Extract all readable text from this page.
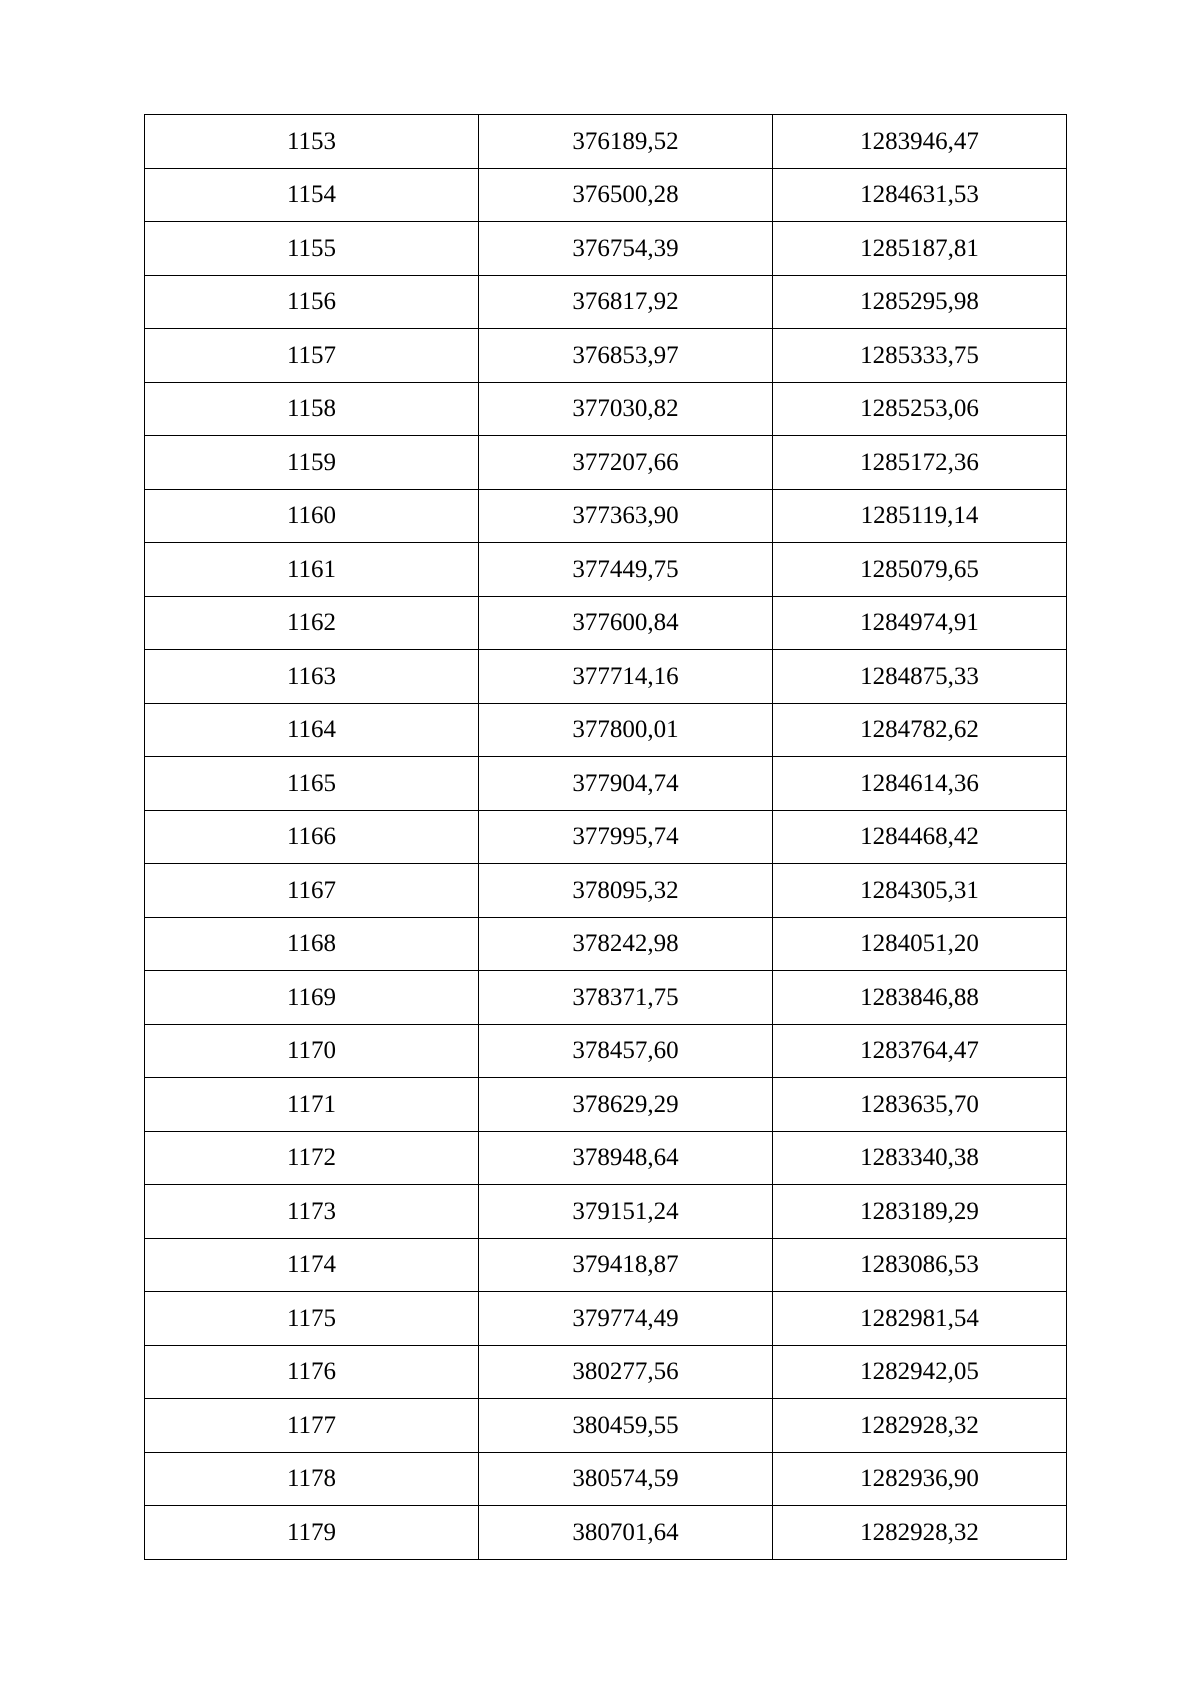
1153	376189,52	1283946,47
1154	376500,28	1284631,53
1155	376754,39	1285187,81
1156	376817,92	1285295,98
1157	376853,97	1285333,75
1158	377030,82	1285253,06
1159	377207,66	1285172,36
1160	377363,90	1285119,14
1161	377449,75	1285079,65
1162	377600,84	1284974,91
1163	377714,16	1284875,33
1164	377800,01	1284782,62
1165	377904,74	1284614,36
1166	377995,74	1284468,42
1167	378095,32	1284305,31
1168	378242,98	1284051,20
1169	378371,75	1283846,88
1170	378457,60	1283764,47
1171	378629,29	1283635,70
1172	378948,64	1283340,38
1173	379151,24	1283189,29
1174	379418,87	1283086,53
1175	379774,49	1282981,54
1176	380277,56	1282942,05
1177	380459,55	1282928,32
1178	380574,59	1282936,90
1179	380701,64	1282928,32
